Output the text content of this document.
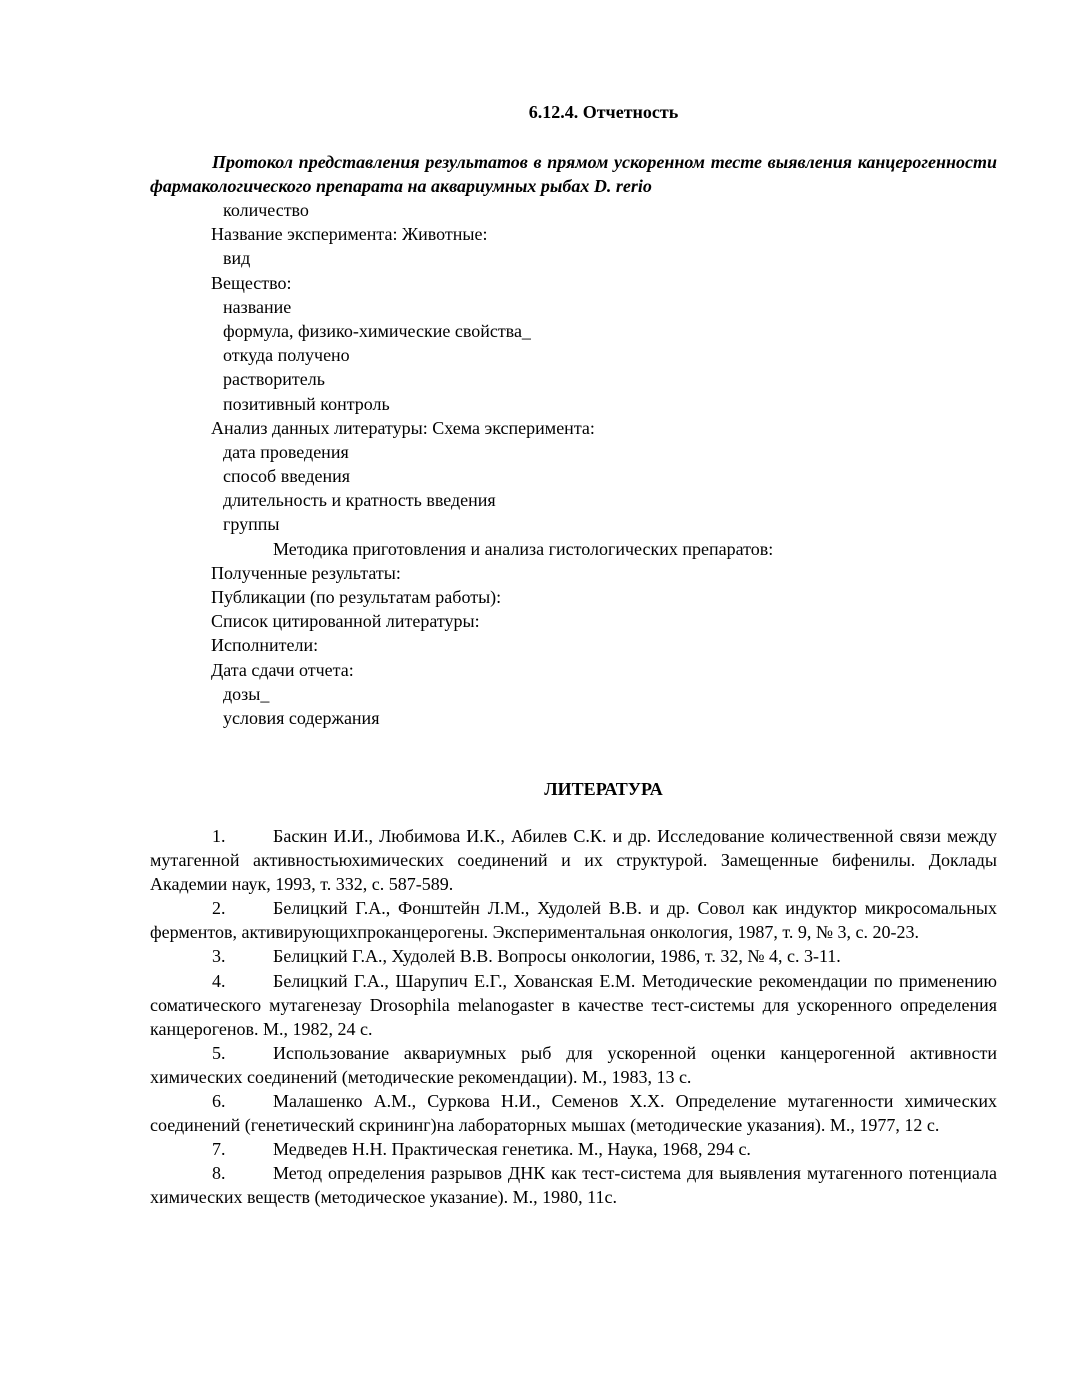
6.12.4. Отчетность

Протокол представления результатов в прямом ускоренном тесте выявления канцерогенности фармакологического препарата на аквариумных рыбах D. rerio

количество
Название эксперимента: Животные:
вид
Вещество:
название
формула, физико-химические свойства_
откуда получено
растворитель
позитивный контроль
Анализ данных литературы: Схема эксперимента:
дата проведения
способ введения
длительность и кратность введения
группы
Методика приготовления и анализа гистологических препаратов:
Полученные результаты:
Публикации (по результатам работы):
Список цитированной литературы:
Исполнители:
Дата сдачи отчета:
дозы_
условия содержания
ЛИТЕРАТУРА
1.	Баскин И.И., Любимова И.К., Абилев С.К. и др. Исследование количественной связи между мутагенной активностьюхимических соединений и их структурой. Замещенные бифенилы. Доклады Академии наук, 1993, т. 332, с. 587-589.
2.	Белицкий Г.А., Фонштейн Л.М., Худолей В.В. и др. Совол как индуктор микросомальных ферментов, активирующихпроканцерогены. Экспериментальная онкология, 1987, т. 9, № 3, с. 20-23.
3.	Белицкий Г.А., Худолей В.В. Вопросы онкологии, 1986, т. 32, № 4, с. 3-11.
4.	Белицкий Г.А., Шарупич Е.Г., Хованская Е.М. Методические рекомендации по применению соматического мутагенезау Drosophila melanogaster в качестве тест-системы для ускоренного определения канцерогенов. М., 1982, 24 с.
5.	Использование аквариумных рыб для ускоренной оценки канцерогенной активности химических соединений (методические рекомендации). М., 1983, 13 с.
6.	Малашенко А.М., Суркова Н.И., Семенов Х.Х. Определение мутагенности химических соединений (генетический скрининг)на лабораторных мышах (методические указания). М., 1977, 12 с.
7.	Медведев Н.Н. Практическая генетика. М., Наука, 1968, 294 с.
8.	Метод определения разрывов ДНК как тест-система для выявления мутагенного потенциала химических веществ (методическое указание). М., 1980, 11с.
